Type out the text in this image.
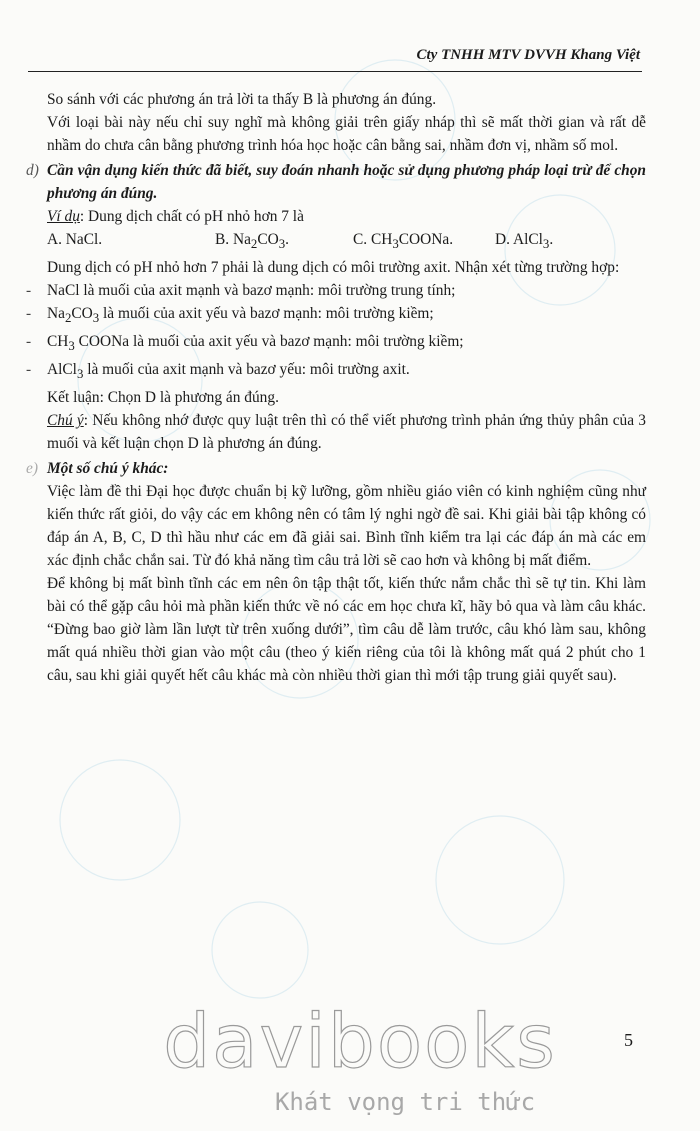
Cty TNHH MTV DVVH Khang Việt

So sánh với các phương án trả lời ta thấy B là phương án đúng.

Với loại bài này nếu chỉ suy nghĩ mà không giải trên giấy nháp thì sẽ mất thời gian và rất dễ nhầm do chưa cân bằng phương trình hóa học hoặc cân bằng sai, nhầm đơn vị, nhầm số mol.

d) Cần vận dụng kiến thức đã biết, suy đoán nhanh hoặc sử dụng phương pháp loại trừ để chọn phương án đúng.

Ví dụ: Dung dịch chất có pH nhỏ hơn 7 là

A. NaCl.	B. $Na_2CO_3$.	C. $CH_3COONa$.	D. AlCl$_3$.

Dung dịch có pH nhỏ hơn 7 phải là dung dịch có môi trường axit. Nhận xét từng trường hợp:

-	NaCl là muối của axit mạnh và bazơ mạnh: môi trường trung tính;
-	$Na_2CO_3$ là muối của axit yếu và bazơ mạnh: môi trường kiềm;
-	$CH_3$ COONa là muối của axit yếu và bazơ mạnh: môi trường kiềm;
-	AlCl$_3$ là muối của axit mạnh và bazơ yếu: môi trường axit.

Kết luận: Chọn D là phương án đúng.

Chú ý: Nếu không nhớ được quy luật trên thì có thể viết phương trình phản ứng thủy phân của 3 muối và kết luận chọn D là phương án đúng.

e) Một số chú ý khác:

Việc làm đề thi Đại học được chuẩn bị kỹ lưỡng, gồm nhiều giáo viên có kinh nghiệm cũng như kiến thức rất giỏi, do vậy các em không nên có tâm lý nghi ngờ đề sai. Khi giải bài tập không có đáp án A, B, C, D thì hầu như các em đã giải sai. Bình tĩnh kiểm tra lại các đáp án mà các em xác định chắc chắn sai. Từ đó khả năng tìm câu trả lời sẽ cao hơn và không bị mất điểm.

Để không bị mất bình tĩnh các em nên ôn tập thật tốt, kiến thức nắm chắc thì sẽ tự tin. Khi làm bài có thể gặp câu hỏi mà phần kiến thức về nó các em học chưa kĩ, hãy bỏ qua và làm câu khác. “Đừng bao giờ làm lần lượt từ trên xuống dưới”, tìm câu dễ làm trước, câu khó làm sau, không mất quá nhiều thời gian vào một câu (theo ý kiến riêng của tôi là không mất quá 2 phút cho 1 câu, sau khi giải quyết hết câu khác mà còn nhiều thời gian thì mới tập trung giải quyết sau).

davibooks	5
Khát vọng tri thức
